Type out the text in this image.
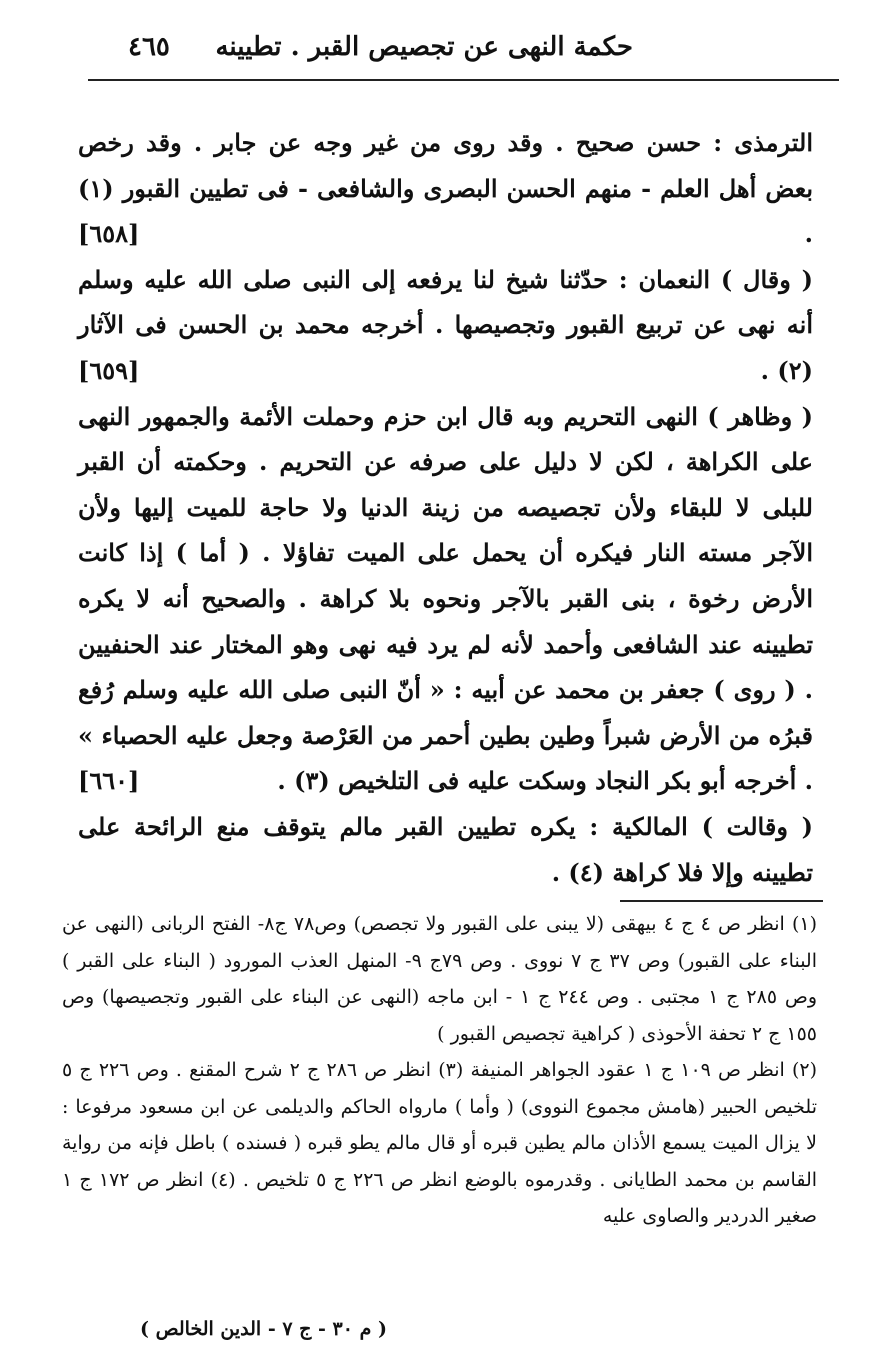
حكمة النهى عن تجصيص القبر . تطيينه
٤٦٥

الترمذى : حسن صحيح . وقد روى من غير وجه عن جابر . وقد رخص بعض أهل العلم - منهم الحسن البصرى والشافعى - فى تطيين القبور (١) .
[٦٥٨]

( وقال ) النعمان : حدّثنا شيخ لنا يرفعه إلى النبى صلى الله عليه وسلم أنه نهى عن تربيع القبور وتجصيصها . أخرجه محمد بن الحسن فى الآثار (٢) .
[٦٥٩]

( وظاهر ) النهى التحريم وبه قال ابن حزم وحملت الأئمة والجمهور النهى على الكراهة ، لكن لا دليل على صرفه عن التحريم . وحكمته أن القبر للبلى لا للبقاء ولأن تجصيصه من زينة الدنيا ولا حاجة للميت إليها ولأن الآجر مسته النار فيكره أن يحمل على الميت تفاؤلا . ( أما ) إذا كانت الأرض رخوة ، بنى القبر بالآجر ونحوه بلا كراهة . والصحيح أنه لا يكره تطيينه عند الشافعى وأحمد لأنه لم يرد فيه نهى وهو المختار عند الحنفيين . ( روى ) جعفر بن محمد عن أبيه : « أنّ النبى صلى الله عليه وسلم رُفع قبرُه من الأرض شبراً وطين بطين أحمر من العَرْصة وجعل عليه الحصباء » . أخرجه أبو بكر النجاد وسكت عليه فى التلخيص (٣) .
[٦٦٠]

( وقالت ) المالكية : يكره تطيين القبر مالم يتوقف منع الرائحة على تطيينه وإلا فلا كراهة (٤) .

(١) انظر ص ٤ ج ٤ بيهقى (لا يبنى على القبور ولا تجصص) وص٧٨ ج٨- الفتح الربانى (النهى عن البناء على القبور) وص ٣٧ ج ٧ نووى . وص ٧٩ج ٩- المنهل العذب المورود ( البناء على القبر ) وص ٢٨٥ ج ١ مجتبى . وص ٢٤٤ ج ١ - ابن ماجه (النهى عن البناء على القبور وتجصيصها) وص ١٥٥ ج ٢ تحفة الأحوذى ( كراهية تجصيص القبور )

(٢) انظر ص ١٠٩ ج ١ عقود الجواهر المنيفة (٣) انظر ص ٢٨٦ ج ٢ شرح المقنع . وص ٢٢٦ ج ٥ تلخيص الحبير (هامش مجموع النووى) ( وأما ) مارواه الحاكم والديلمى عن ابن مسعود مرفوعا : لا يزال الميت يسمع الأذان مالم يطين قبره أو قال مالم يطو قبره ( فسنده ) باطل فإنه من رواية القاسم بن محمد الطايانى . وقدرموه بالوضع انظر ص ٢٢٦ ج ٥ تلخيص . (٤) انظر ص ١٧٢ ج ١ صغير الدردير والصاوى عليه

( م ٣٠ - ج ٧ - الدين الخالص )
